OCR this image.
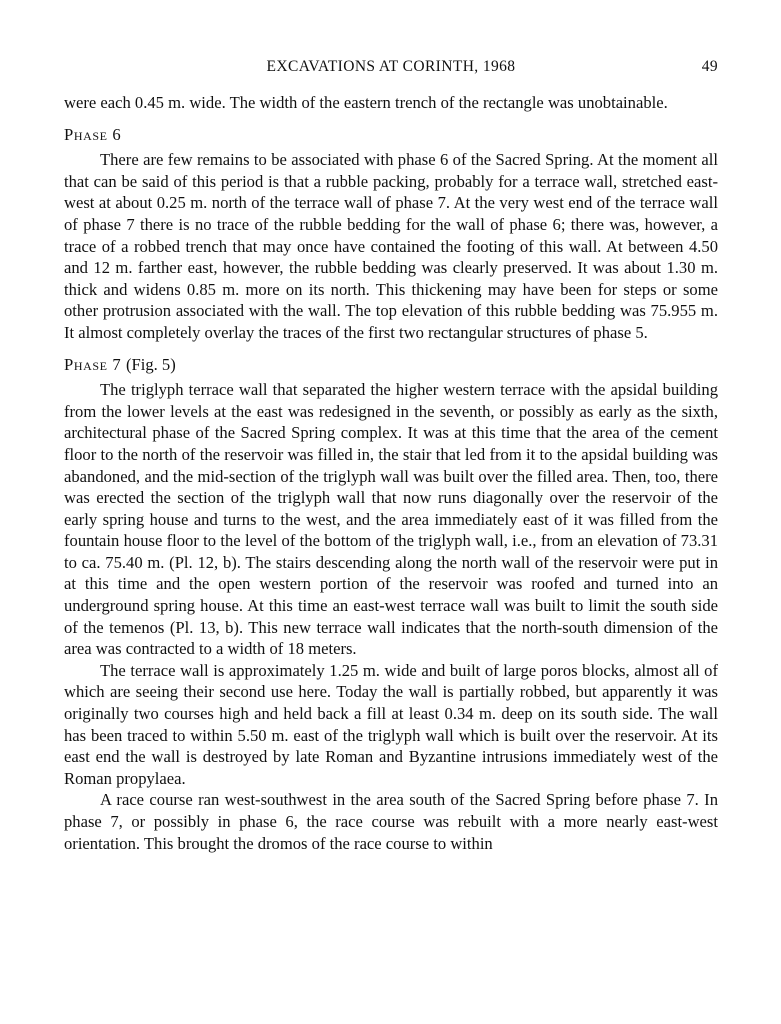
EXCAVATIONS AT CORINTH, 1968	49

were each 0.45 m. wide. The width of the eastern trench of the rectangle was unobtainable.

Phase 6

There are few remains to be associated with phase 6 of the Sacred Spring. At the moment all that can be said of this period is that a rubble packing, probably for a terrace wall, stretched east-west at about 0.25 m. north of the terrace wall of phase 7. At the very west end of the terrace wall of phase 7 there is no trace of the rubble bedding for the wall of phase 6; there was, however, a trace of a robbed trench that may once have contained the footing of this wall. At between 4.50 and 12 m. farther east, however, the rubble bedding was clearly preserved. It was about 1.30 m. thick and widens 0.85 m. more on its north. This thickening may have been for steps or some other protrusion associated with the wall. The top elevation of this rubble bedding was 75.955 m. It almost completely overlay the traces of the first two rectangular structures of phase 5.

Phase 7 (Fig. 5)

The triglyph terrace wall that separated the higher western terrace with the apsidal building from the lower levels at the east was redesigned in the seventh, or possibly as early as the sixth, architectural phase of the Sacred Spring complex. It was at this time that the area of the cement floor to the north of the reservoir was filled in, the stair that led from it to the apsidal building was abandoned, and the mid-section of the triglyph wall was built over the filled area. Then, too, there was erected the section of the triglyph wall that now runs diagonally over the reservoir of the early spring house and turns to the west, and the area immediately east of it was filled from the fountain house floor to the level of the bottom of the triglyph wall, i.e., from an elevation of 73.31 to ca. 75.40 m. (Pl. 12, b). The stairs descending along the north wall of the reservoir were put in at this time and the open western portion of the reservoir was roofed and turned into an underground spring house. At this time an east-west terrace wall was built to limit the south side of the temenos (Pl. 13, b). This new terrace wall indicates that the north-south dimension of the area was contracted to a width of 18 meters.

The terrace wall is approximately 1.25 m. wide and built of large poros blocks, almost all of which are seeing their second use here. Today the wall is partially robbed, but apparently it was originally two courses high and held back a fill at least 0.34 m. deep on its south side. The wall has been traced to within 5.50 m. east of the triglyph wall which is built over the reservoir. At its east end the wall is destroyed by late Roman and Byzantine intrusions immediately west of the Roman propylaea.

A race course ran west-southwest in the area south of the Sacred Spring before phase 7. In phase 7, or possibly in phase 6, the race course was rebuilt with a more nearly east-west orientation. This brought the dromos of the race course to within
